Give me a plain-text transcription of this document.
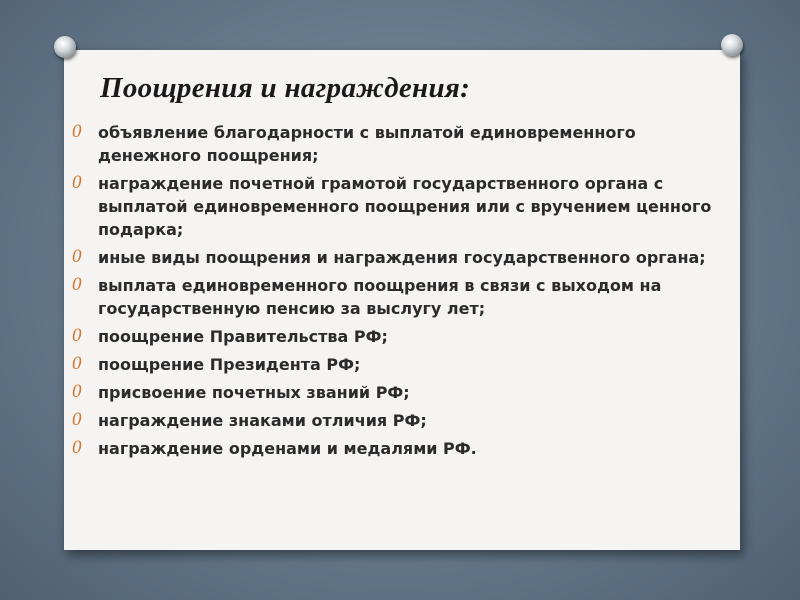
Поощрения и награждения:
0 объявление благодарности с выплатой единовременного денежного поощрения;
0 награждение почетной грамотой государственного органа с выплатой единовременного поощрения или с вручением ценного подарка;
0 иные виды поощрения и награждения государственного органа;
0 выплата единовременного поощрения в связи с выходом на государственную пенсию за выслугу лет;
0 поощрение Правительства РФ;
0 поощрение Президента РФ;
0 присвоение почетных званий РФ;
0 награждение знаками отличия РФ;
0 награждение орденами и медалями РФ.
